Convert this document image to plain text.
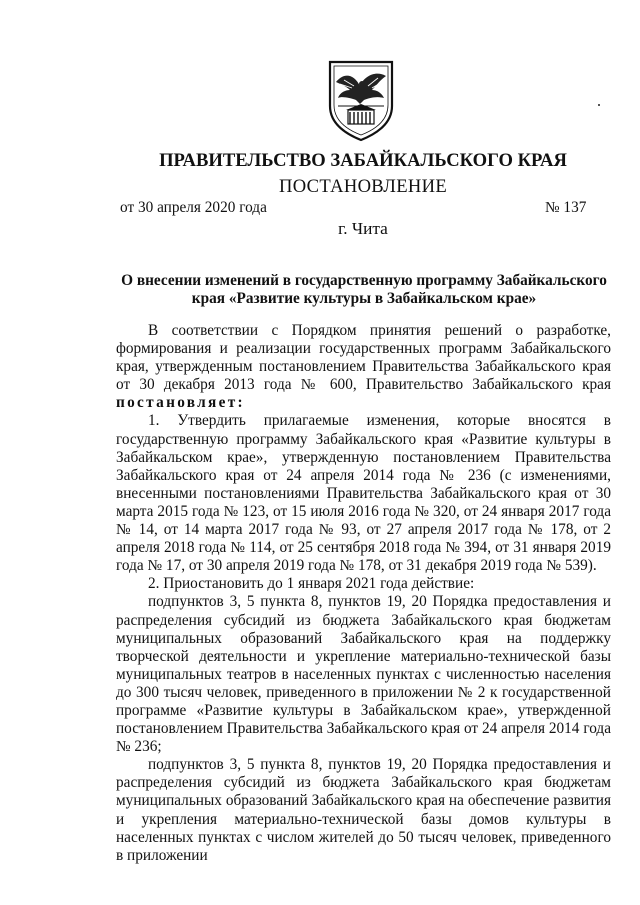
ПРАВИТЕЛЬСТВО ЗАБАЙКАЛЬСКОГО КРАЯ
ПОСТАНОВЛЕНИЕ
от 30 апреля 2020 года	№ 137
г. Чита
О внесении изменений в государственную программу Забайкальского края «Развитие культуры в Забайкальском крае»

В соответствии с Порядком принятия решений о разработке, формирования и реализации государственных программ Забайкальского края, утвержденным постановлением Правительства Забайкальского края от 30 декабря 2013 года № 600, Правительство Забайкальского края постановляет:

1. Утвердить прилагаемые изменения, которые вносятся в государственную программу Забайкальского края «Развитие культуры в Забайкальском крае», утвержденную постановлением Правительства Забайкальского края от 24 апреля 2014 года № 236 (с изменениями, внесенными постановлениями Правительства Забайкальского края от 30 марта 2015 года № 123, от 15 июля 2016 года № 320, от 24 января 2017 года № 14, от 14 марта 2017 года № 93, от 27 апреля 2017 года № 178, от 2 апреля 2018 года № 114, от 25 сентября 2018 года № 394, от 31 января 2019 года № 17, от 30 апреля 2019 года № 178, от 31 декабря 2019 года № 539).

2. Приостановить до 1 января 2021 года действие:

подпунктов 3, 5 пункта 8, пунктов 19, 20 Порядка предоставления и распределения субсидий из бюджета Забайкальского края бюджетам муниципальных образований Забайкальского края на поддержку творческой деятельности и укрепление материально-технической базы муниципальных театров в населенных пунктах с численностью населения до 300 тысяч человек, приведенного в приложении № 2 к государственной программе «Развитие культуры в Забайкальском крае», утвержденной постановлением Правительства Забайкальского края от 24 апреля 2014 года № 236;

подпунктов 3, 5 пункта 8, пунктов 19, 20 Порядка предоставления и распределения субсидий из бюджета Забайкальского края бюджетам муниципальных образований Забайкальского края на обеспечение развития и укрепления материально-технической базы домов культуры в населенных пунктах с числом жителей до 50 тысяч человек, приведенного в приложении
